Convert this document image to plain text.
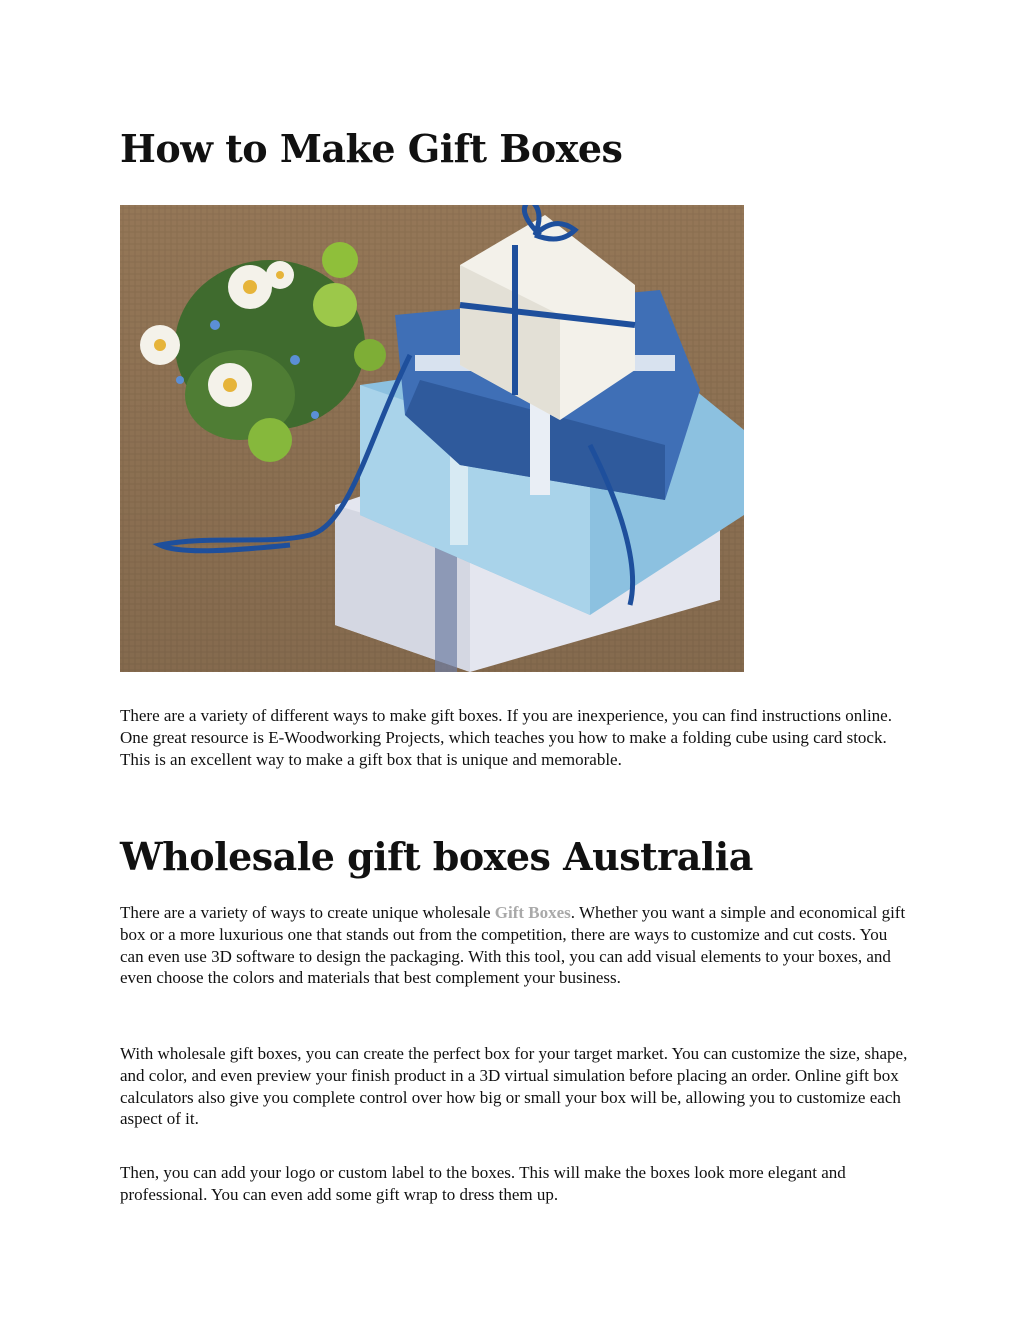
How to Make Gift Boxes

There are a variety of different ways to make gift boxes. If you are inexperience, you can find instructions online. One great resource is E-Woodworking Projects, which teaches you how to make a folding cube using card stock. This is an excellent way to make a gift box that is unique and memorable.

Wholesale gift boxes Australia

There are a variety of ways to create unique wholesale Gift Boxes. Whether you want a simple and economical gift box or a more luxurious one that stands out from the competition, there are ways to customize and cut costs. You can even use 3D software to design the packaging. With this tool, you can add visual elements to your boxes, and even choose the colors and materials that best complement your business.

With wholesale gift boxes, you can create the perfect box for your target market. You can customize the size, shape, and color, and even preview your finish product in a 3D virtual simulation before placing an order. Online gift box calculators also give you complete control over how big or small your box will be, allowing you to customize each aspect of it.

Then, you can add your logo or custom label to the boxes. This will make the boxes look more elegant and professional. You can even add some gift wrap to dress them up.
